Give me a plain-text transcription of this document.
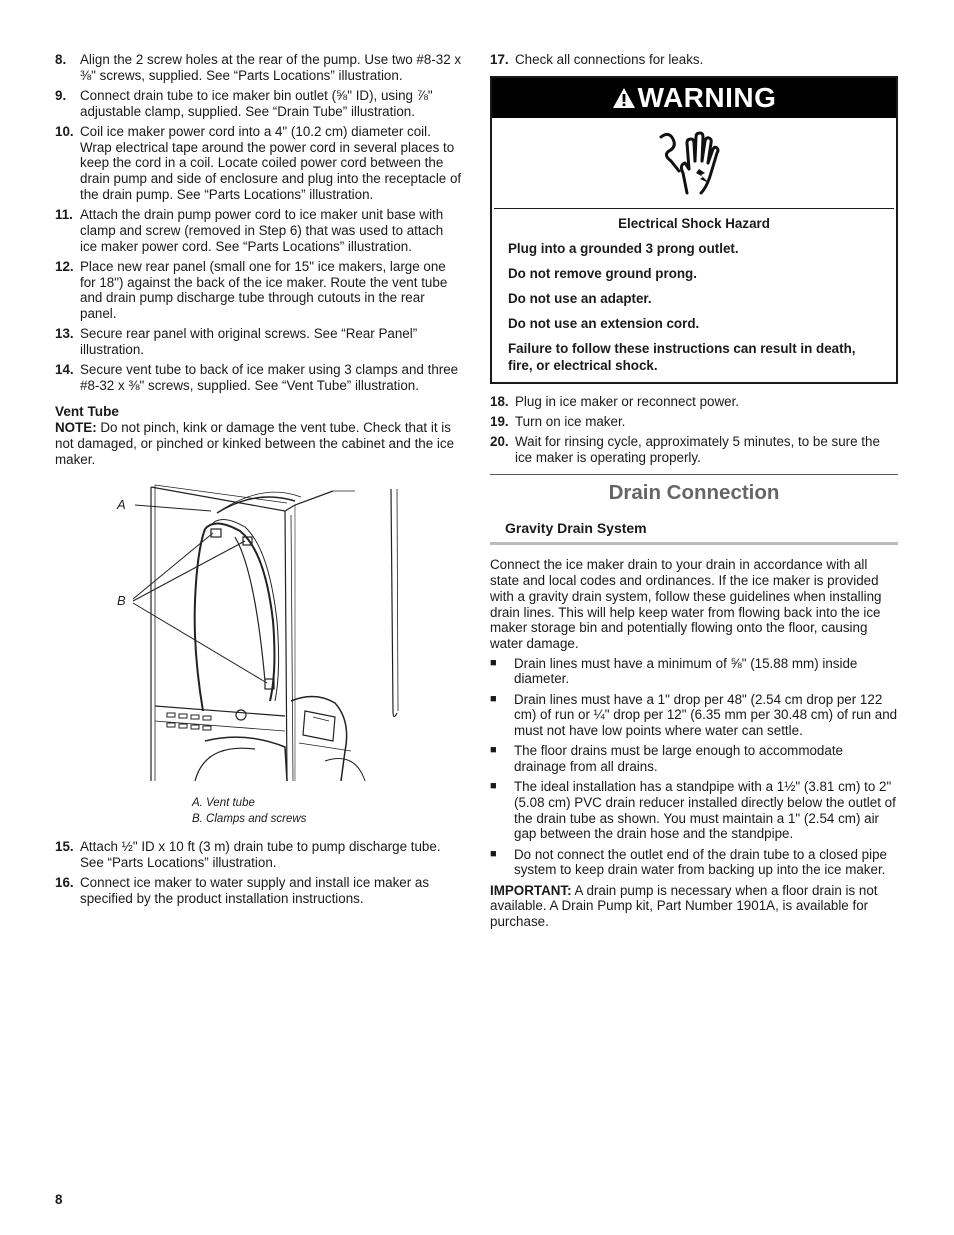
8.	Align the 2 screw holes at the rear of the pump. Use two #8-32 x ⅜" screws, supplied. See “Parts Locations” illustration.
9.	Connect drain tube to ice maker bin outlet (⅝" ID), using ⅞" adjustable clamp, supplied. See “Drain Tube” illustration.
10. Coil ice maker power cord into a 4" (10.2 cm) diameter coil. Wrap electrical tape around the power cord in several places to keep the cord in a coil. Locate coiled power cord between the drain pump and side of enclosure and plug into the receptacle of the drain pump. See “Parts Locations” illustration.
11. Attach the drain pump power cord to ice maker unit base with clamp and screw (removed in Step 6) that was used to attach ice maker power cord. See “Parts Locations” illustration.
12. Place new rear panel (small one for 15" ice makers, large one for 18") against the back of the ice maker. Route the vent tube and drain pump discharge tube through cutouts in the rear panel.
13. Secure rear panel with original screws. See “Rear Panel” illustration.
14. Secure vent tube to back of ice maker using 3 clamps and three #8-32 x ⅜" screws, supplied. See “Vent Tube” illustration.
Vent Tube

NOTE: Do not pinch, kink or damage the vent tube. Check that it is not damaged, or pinched or kinked between the cabinet and the ice maker.

A
B
A. Vent tube
B. Clamps and screws
15. Attach ½" ID x 10 ft (3 m) drain tube to pump discharge tube. See “Parts Locations” illustration.
16. Connect ice maker to water supply and install ice maker as specified by the product installation instructions.
17. Check all connections for leaks.
WARNING
Electrical Shock Hazard

Plug into a grounded 3 prong outlet.

Do not remove ground prong.

Do not use an adapter.

Do not use an extension cord.

Failure to follow these instructions can result in death, fire, or electrical shock.

18. Plug in ice maker or reconnect power.
19. Turn on ice maker.
20. Wait for rinsing cycle, approximately 5 minutes, to be sure the ice maker is operating properly.
Drain Connection
Gravity Drain System

Connect the ice maker drain to your drain in accordance with all state and local codes and ordinances. If the ice maker is provided with a gravity drain system, follow these guidelines when installing drain lines. This will help keep water from flowing back into the ice maker storage bin and potentially flowing onto the floor, causing water damage.

■	Drain lines must have a minimum of ⅝" (15.88 mm) inside diameter.
■	Drain lines must have a 1" drop per 48" (2.54 cm drop per 122 cm) of run or ¼" drop per 12" (6.35 mm per 30.48 cm) of run and must not have low points where water can settle.
■	The floor drains must be large enough to accommodate drainage from all drains.
■	The ideal installation has a standpipe with a 1½" (3.81 cm) to 2" (5.08 cm) PVC drain reducer installed directly below the outlet of the drain tube as shown. You must maintain a 1" (2.54 cm) air gap between the drain hose and the standpipe.
■	Do not connect the outlet end of the drain tube to a closed pipe system to keep drain water from backing up into the ice maker.

IMPORTANT: A drain pump is necessary when a floor drain is not available. A Drain Pump kit, Part Number 1901A, is available for purchase.

8
